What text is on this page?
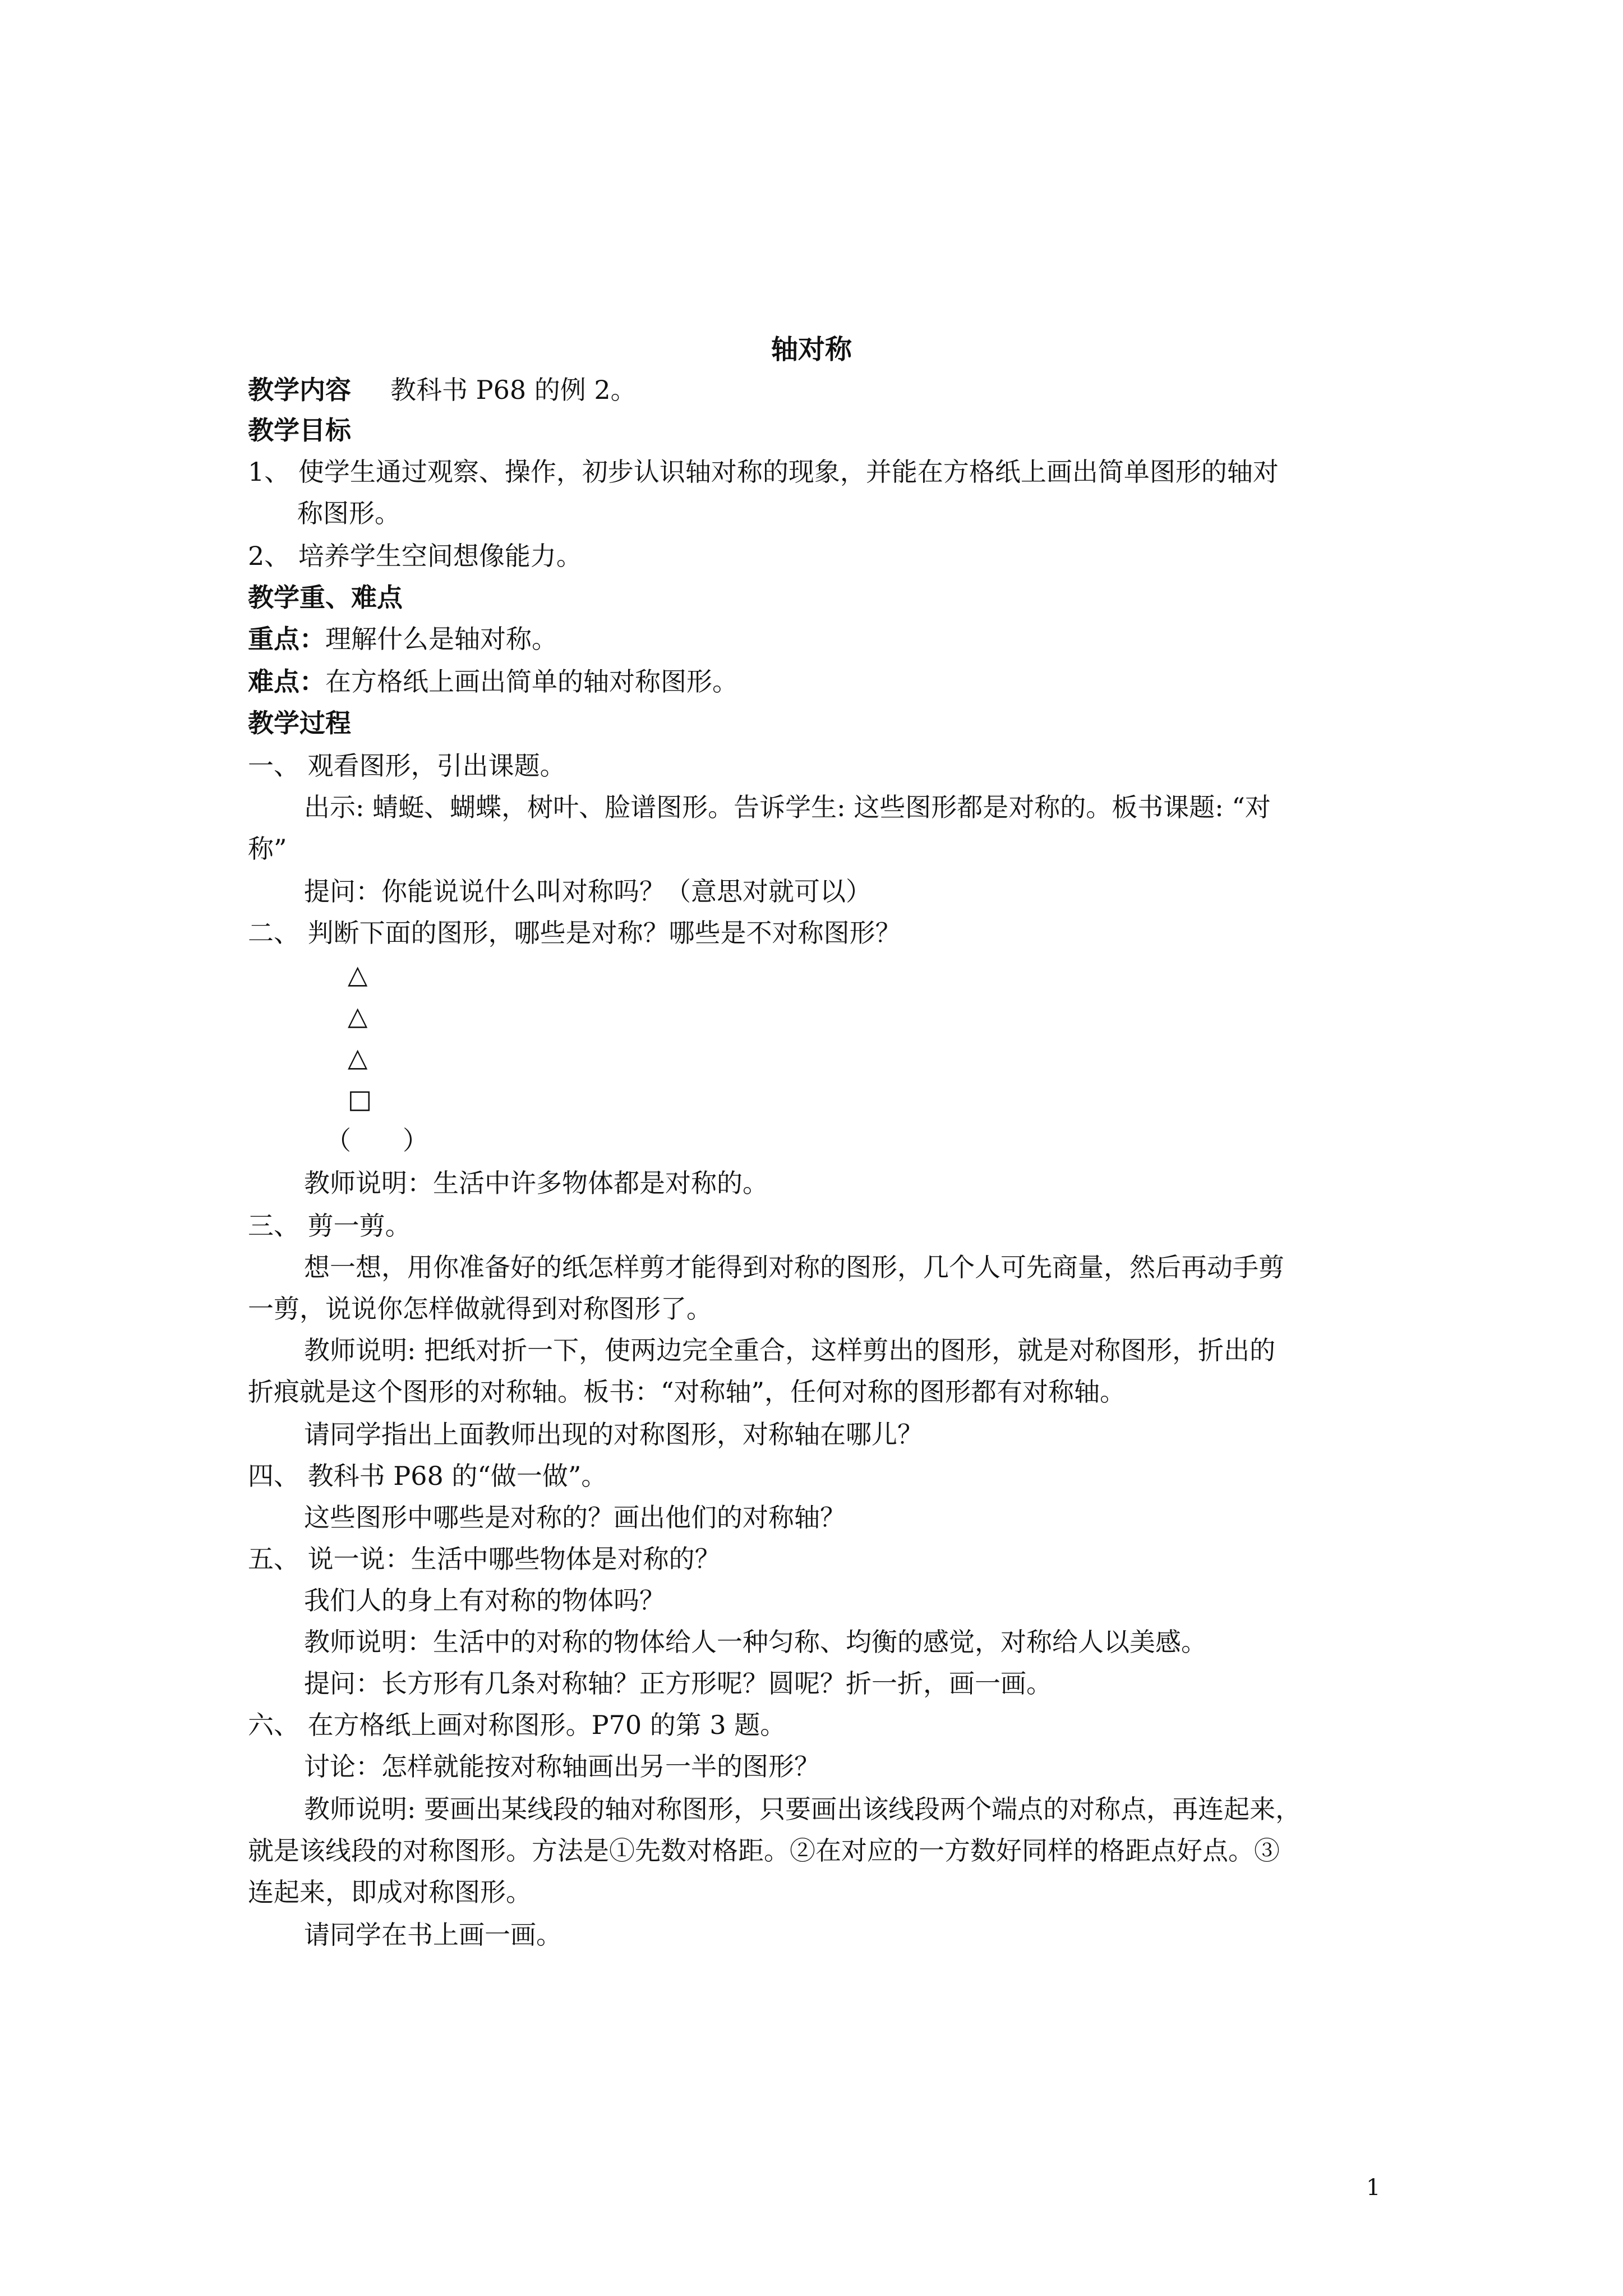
轴对称
教学内容 教科书 P68 的例 2。
教学目标
1、 使学生通过观察、操作，初步认识轴对称的现象，并能在方格纸上画出简单图形的轴对
称图形。
2、 培养学生空间想像能力。
教学重、难点
重点：理解什么是轴对称。
难点：在方格纸上画出简单的轴对称图形。
教学过程
一、 观看图形，引出课题。
出示: 蜻蜓、蝴蝶，树叶、脸谱图形。告诉学生: 这些图形都是对称的。板书课题: “对
称”
提问：你能说说什么叫对称吗？（意思对就可以）
二、 判断下面的图形，哪些是对称？哪些是不对称图形？
△
△
△
□
（　　）
教师说明：生活中许多物体都是对称的。
三、 剪一剪。
想一想，用你准备好的纸怎样剪才能得到对称的图形，几个人可先商量，然后再动手剪
一剪，说说你怎样做就得到对称图形了。
教师说明: 把纸对折一下，使两边完全重合，这样剪出的图形，就是对称图形，折出的
折痕就是这个图形的对称轴。板书：“对称轴”，任何对称的图形都有对称轴。
请同学指出上面教师出现的对称图形，对称轴在哪儿？
四、 教科书 P68 的“做一做”。
这些图形中哪些是对称的？画出他们的对称轴？
五、 说一说：生活中哪些物体是对称的？
我们人的身上有对称的物体吗？
教师说明：生活中的对称的物体给人一种匀称、均衡的感觉，对称给人以美感。
提问：长方形有几条对称轴？正方形呢？圆呢？折一折，画一画。
六、 在方格纸上画对称图形。P70 的第 3 题。
讨论：怎样就能按对称轴画出另一半的图形？
教师说明: 要画出某线段的轴对称图形，只要画出该线段两个端点的对称点，再连起来，
就是该线段的对称图形。方法是①先数对格距。②在对应的一方数好同样的格距点好点。③
连起来，即成对称图形。
请同学在书上画一画。
1
